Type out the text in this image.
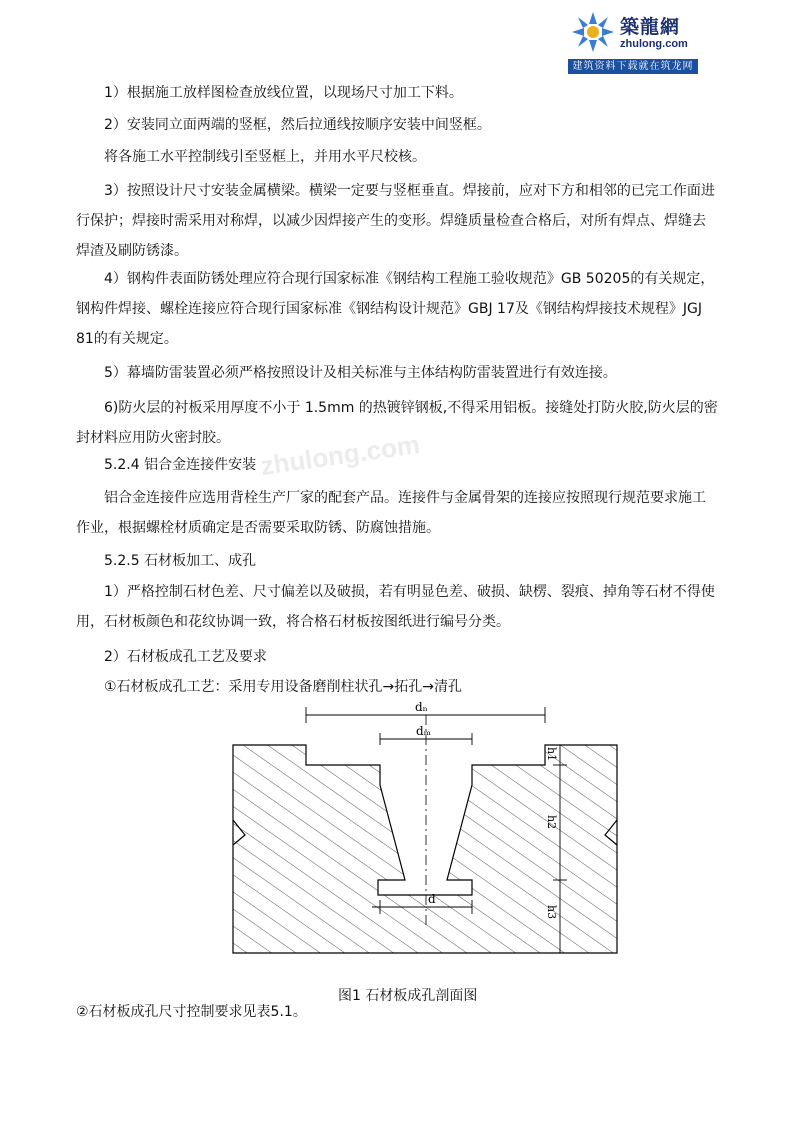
築龍網
zhulong.com
建筑资料下载就在筑龙网
zhulong.com
1）根据施工放样图检查放线位置，以现场尺寸加工下料。
2）安装同立面两端的竖框，然后拉通线按顺序安装中间竖框。
将各施工水平控制线引至竖框上，并用水平尺校核。

3）按照设计尺寸安装金属横梁。横梁一定要与竖框垂直。焊接前，应对下方和相邻的已完工作面进行保护；焊接时需采用对称焊，以减少因焊接产生的变形。焊缝质量检查合格后，对所有焊点、焊缝去焊渣及刷防锈漆。

4）钢构件表面防锈处理应符合现行国家标准《钢结构工程施工验收规范》GB 50205的有关规定，钢构件焊接、螺栓连接应符合现行国家标准《钢结构设计规范》GBJ 17及《钢结构焊接技术规程》JGJ 81的有关规定。

5）幕墙防雷装置必须严格按照设计及相关标准与主体结构防雷装置进行有效连接。

6)防火层的衬板采用厚度不小于 1.5mm 的热镀锌钢板,不得采用铝板。接缝处打防火胶,防火层的密封材料应用防火密封胶。

5.2.4 铝合金连接件安装

铝合金连接件应选用背栓生产厂家的配套产品。连接件与金属骨架的连接应按照现行规范要求施工作业，根据螺栓材质确定是否需要采取防锈、防腐蚀措施。

5.2.5 石材板加工、成孔

1）严格控制石材色差、尺寸偏差以及破损，若有明显色差、破损、缺楞、裂痕、掉角等石材不得使用，石材板颜色和花纹协调一致，将合格石材板按图纸进行编号分类。

2）石材板成孔工艺及要求
①石材板成孔工艺：采用专用设备磨削柱状孔→拓孔→清孔
dₙ
dₘ
d
h1
h2
h3
图1 石材板成孔剖面图
②石材板成孔尺寸控制要求见表5.1。
